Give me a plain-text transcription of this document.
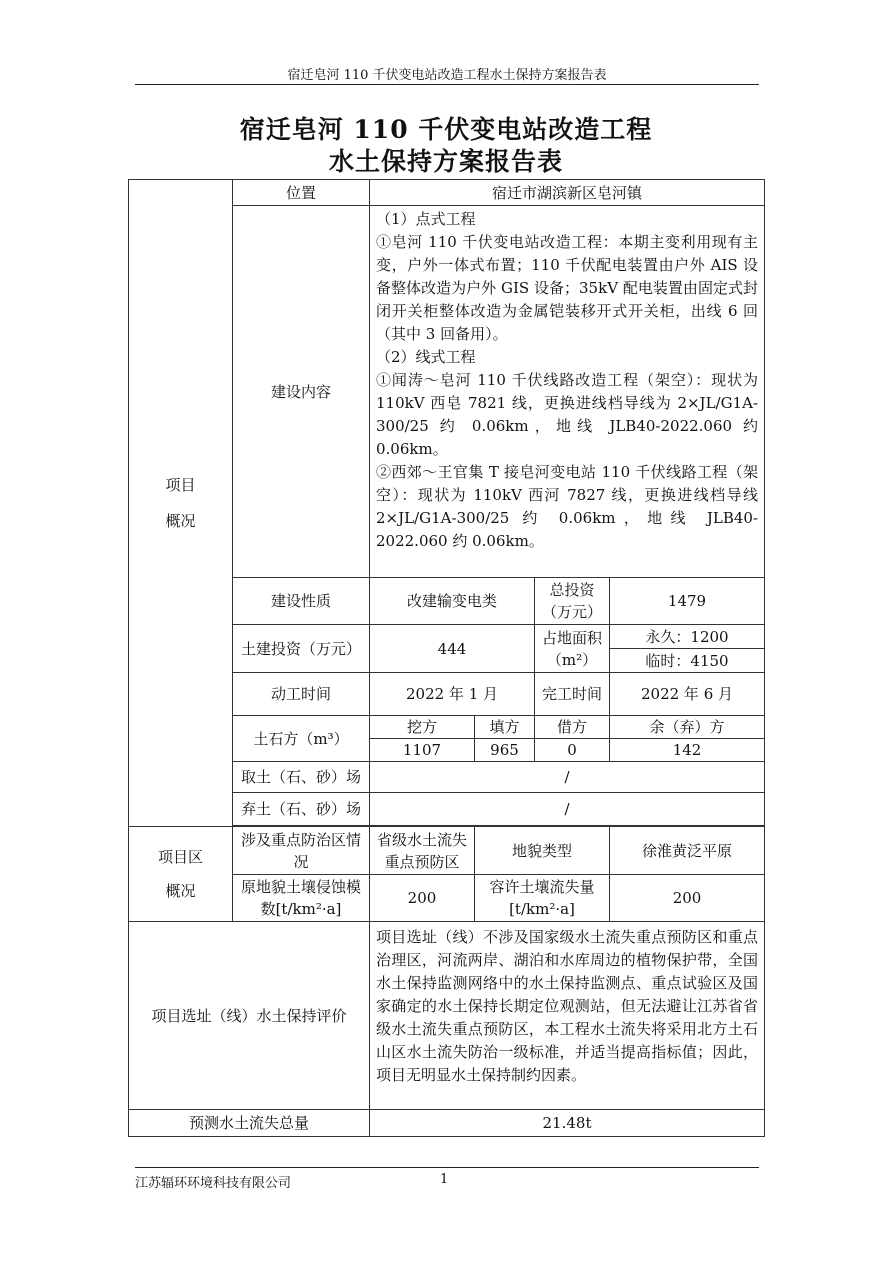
宿迁皂河 110 千伏变电站改造工程水土保持方案报告表
宿迁皂河 110 千伏变电站改造工程
水土保持方案报告表
项目
概况	位置	宿迁市湖滨新区皂河镇			
	建设内容	（1）点式工程

①皂河 110 千伏变电站改造工程：本期主变利用现有主变，户外一体式布置；110 千伏配电装置由户外 AIS 设备整体改造为户外 GIS 设备；35kV 配电装置由固定式封闭开关柜整体改造为金属铠装移开式开关柜，出线 6 回（其中 3 回备用）。

（2）线式工程

①闻涛～皂河 110 千伏线路改造工程（架空）：现状为 110kV 西皂 7821 线，更换进线档导线为 2×JL/G1A-300/25 约 0.06km，地线 JLB40-2022.060 约 0.06km。

②西郊～王官集 T 接皂河变电站 110 千伏线路工程（架空）：现状为 110kV 西河 7827 线，更换进线档导线 2×JL/G1A-300/25 约 0.06km，地线 JLB40-2022.060 约 0.06km。			

	建设性质	改建输变电类		总投资（万元）	1479
	土建投资（万元）	444		占地面积（m²）	永久：1200
					临时：4150
	动工时间	2022 年 1 月		完工时间	2022 年 6 月
	土石方（m³）	挖方	填方	借方	余（弃）方
		1107	965	0	142
	取土（石、砂）场	/			
	弃土（石、砂）场	/			

项目区
概况	涉及重点防治区情况	省级水土流失重点预防区	地貌类型		徐淮黄泛平原
	原地貌土壤侵蚀模数[t/km²·a]	200	容许土壤流失量[t/km²·a]		200
项目选址（线）水土保持评价		项目选址（线）不涉及国家级水土流失重点预防区和重点治理区，河流两岸、湖泊和水库周边的植物保护带，全国水土保持监测网络中的水土保持监测点、重点试验区及国家确定的水土保持长期定位观测站，但无法避让江苏省省级水土流失重点预防区，本工程水土流失将采用北方土石山区水土流失防治一级标准，并适当提高指标值；因此，项目无明显水土保持制约因素。			
预测水土流失总量		21.48t			
江苏辐环环境科技有限公司	1
